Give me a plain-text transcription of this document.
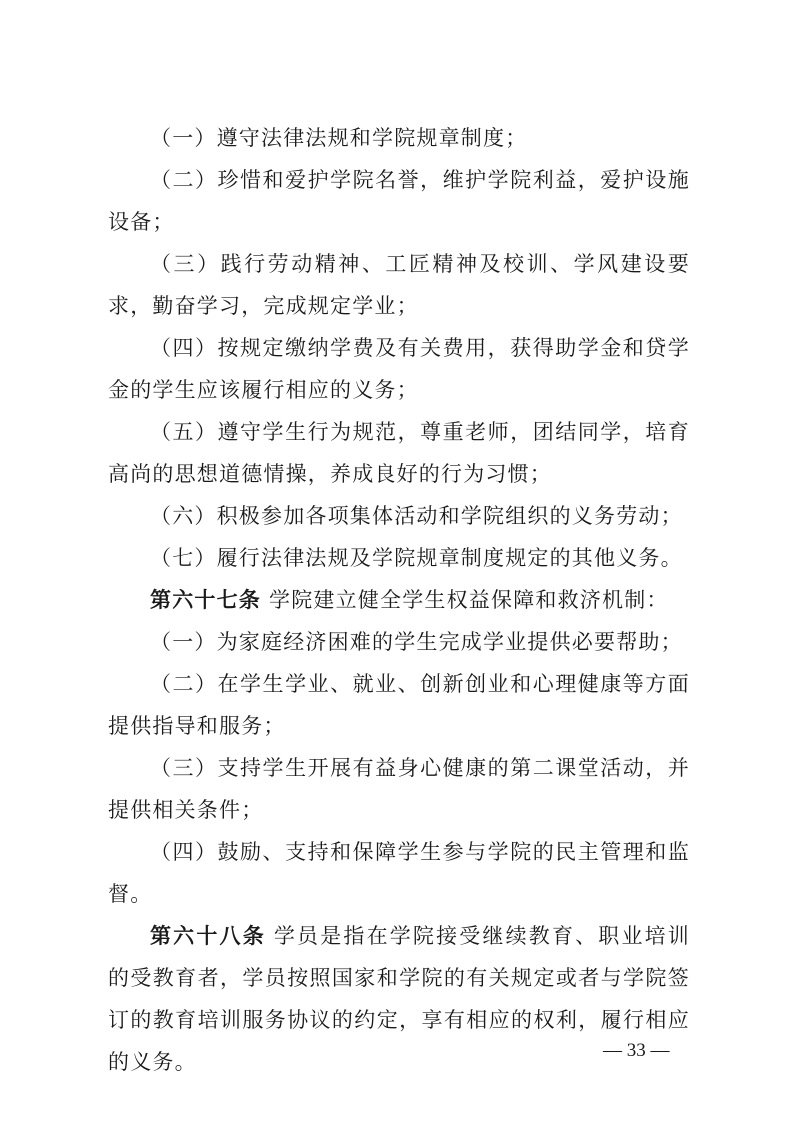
（一）遵守法律法规和学院规章制度；

（二）珍惜和爱护学院名誉，维护学院利益，爱护设施设备；

（三）践行劳动精神、工匠精神及校训、学风建设要求，勤奋学习，完成规定学业；

（四）按规定缴纳学费及有关费用，获得助学金和贷学金的学生应该履行相应的义务；

（五）遵守学生行为规范，尊重老师，团结同学，培育高尚的思想道德情操，养成良好的行为习惯；

（六）积极参加各项集体活动和学院组织的义务劳动；

（七）履行法律法规及学院规章制度规定的其他义务。

第六十七条 学院建立健全学生权益保障和救济机制：

（一）为家庭经济困难的学生完成学业提供必要帮助；

（二）在学生学业、就业、创新创业和心理健康等方面提供指导和服务；

（三）支持学生开展有益身心健康的第二课堂活动，并提供相关条件；

（四）鼓励、支持和保障学生参与学院的民主管理和监督。

第六十八条 学员是指在学院接受继续教育、职业培训的受教育者，学员按照国家和学院的有关规定或者与学院签订的教育培训服务协议的约定，享有相应的权利，履行相应的义务。	— 33 —
